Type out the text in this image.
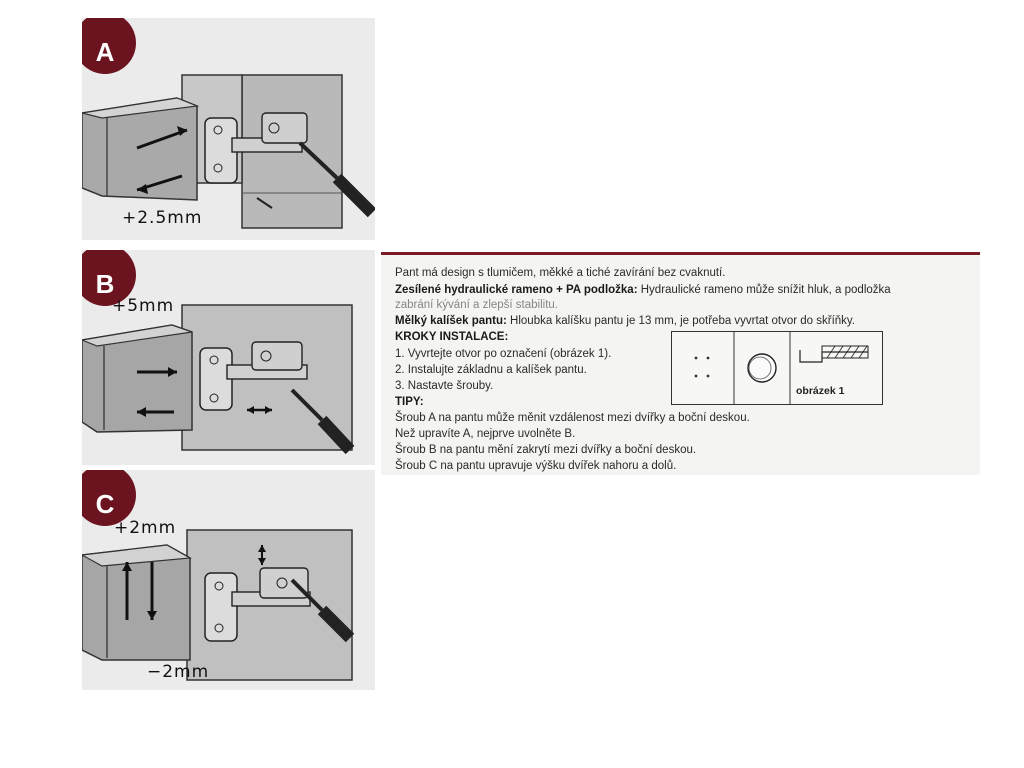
A
+2.5mm
B
+5mm
C
+2mm
−2mm
Pant má design s tlumičem, měkké a tiché zavírání bez cvaknutí.
Zesílené hydraulické rameno + PA podložka: Hydraulické rameno může snížit hluk, a podložka
zabrání kývání a zlepší stabilitu.
Mělký kalíšek pantu: Hloubka kalíšku pantu je 13 mm, je potřeba vyvrtat otvor do skříňky.
KROKY INSTALACE:
1. Vyvrtejte otvor po označení (obrázek 1).
2. Instalujte základnu a kalíšek pantu.
3. Nastavte šrouby.
TIPY:
Šroub A na pantu může měnit vzdálenost mezi dvířky a boční deskou.
Než upravíte A, nejprve uvolněte B.
Šroub B na pantu mění zakrytí mezi dvířky a boční deskou.
Šroub C na pantu upravuje výšku dvířek nahoru a dolů.
obrázek 1
